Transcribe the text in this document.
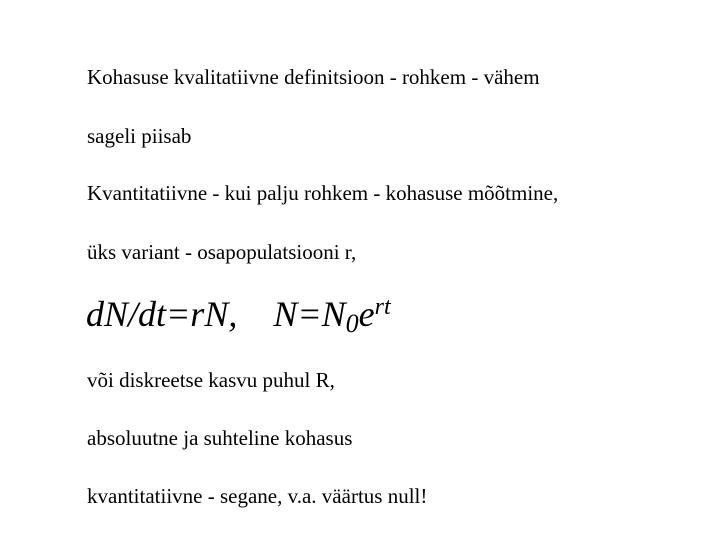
Kohasuse kvalitatiivne definitsioon - rohkem - vähem
sageli piisab
Kvantitatiivne - kui palju rohkem - kohasuse mõõtmine,
üks variant - osapopulatsiooni r,
dN/dt=rN, $N=N_0e^{rt}$
või diskreetse kasvu puhul R,
absoluutne ja suhteline kohasus
kvantitatiivne - segane, v.a. väärtus null!
